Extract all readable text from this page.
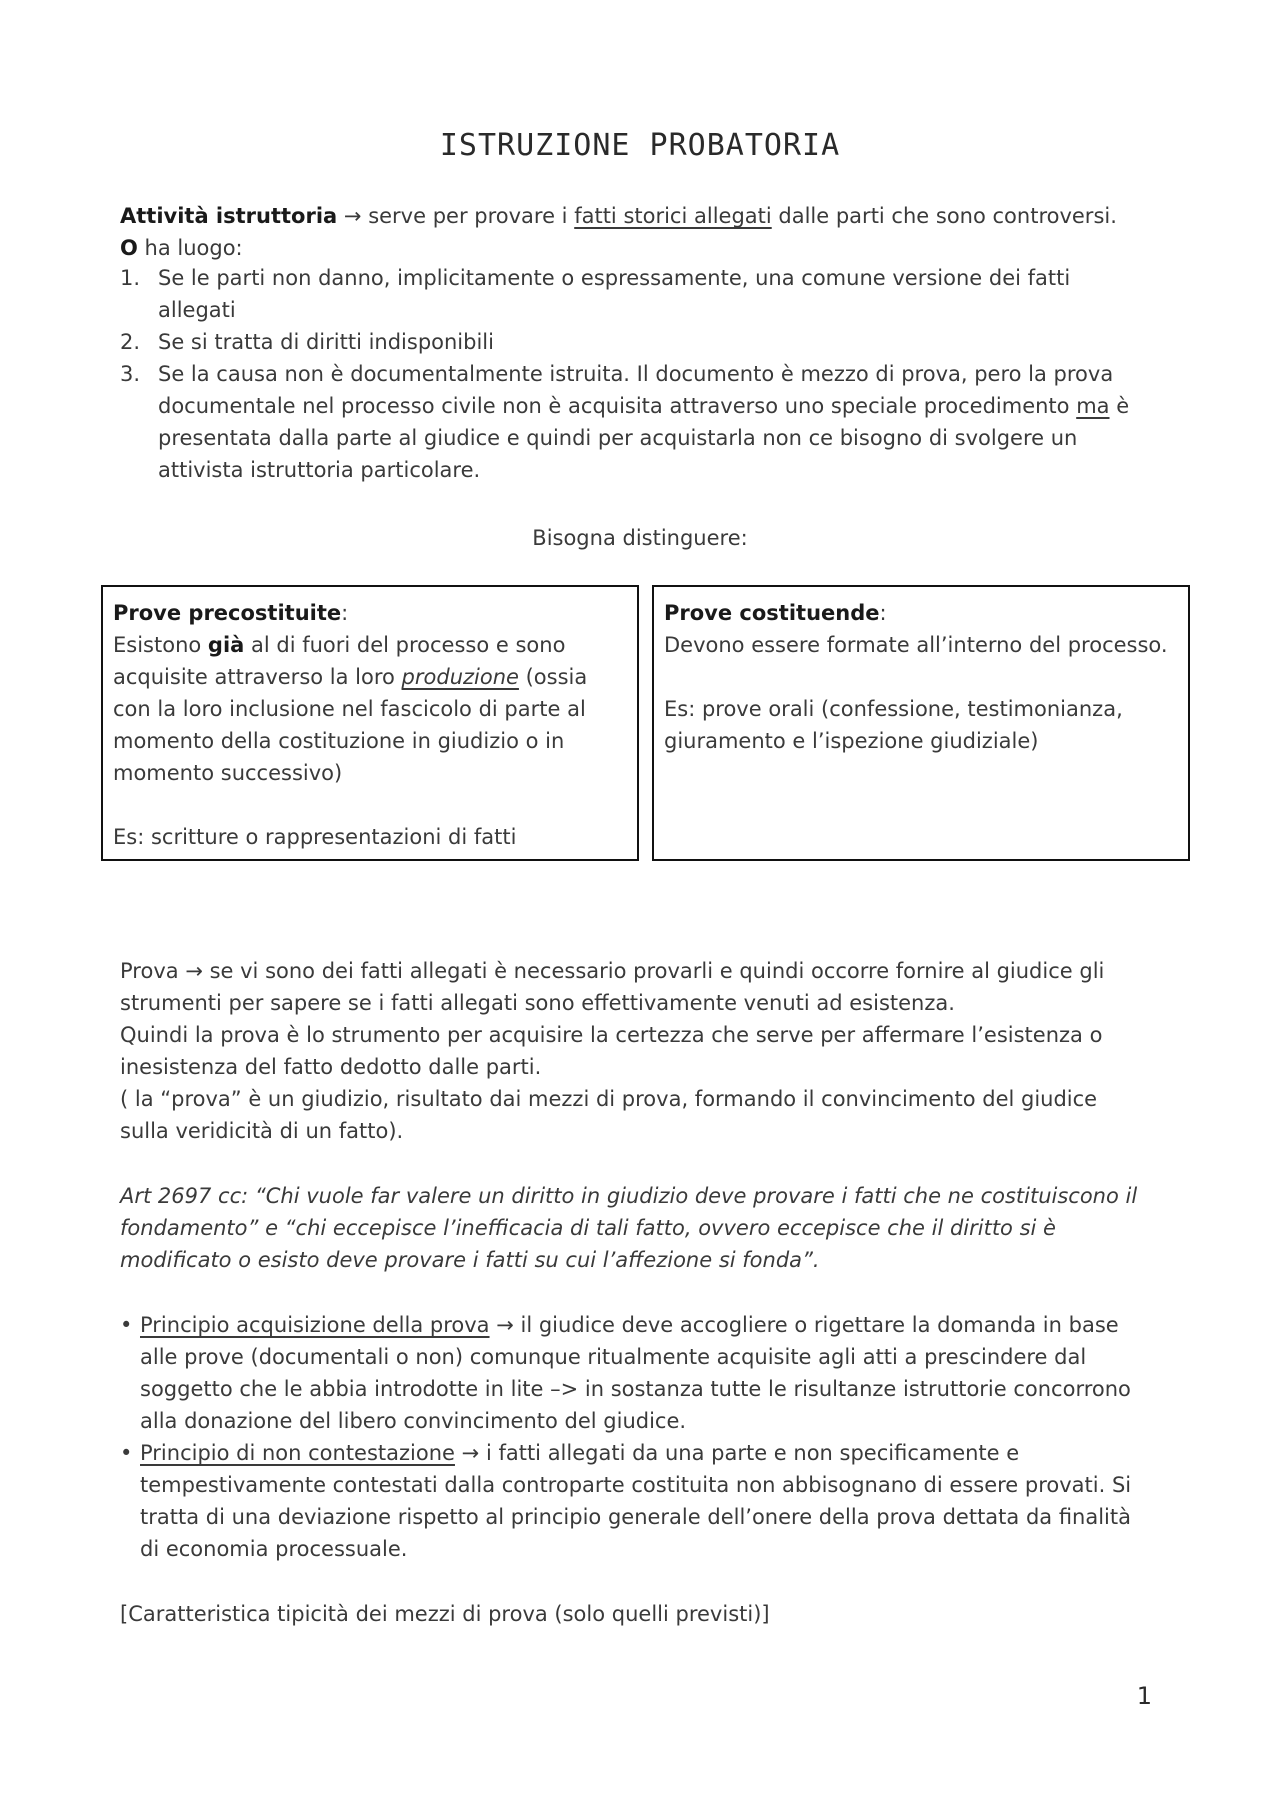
ISTRUZIONE PROBATORIA
Attività istruttoria → serve per provare i fatti storici allegati dalle parti che sono controversi.
O ha luogo:
1. Se le parti non danno, implicitamente o espressamente, una comune versione dei fatti
allegati
2. Se si tratta di diritti indisponibili
3. Se la causa non è documentalmente istruita. Il documento è mezzo di prova, pero la prova
documentale nel processo civile non è acquisita attraverso uno speciale procedimento ma è
presentata dalla parte al giudice e quindi per acquistarla non ce bisogno di svolgere un
attivista istruttoria particolare.
Bisogna distinguere:
Prove precostituite:
Esistono già al di fuori del processo e sono
acquisite attraverso la loro produzione (ossia
con la loro inclusione nel fascicolo di parte al
momento della costituzione in giudizio o in
momento successivo)
Es: scritture o rappresentazioni di fatti
Prove costituende:
Devono essere formate all’interno del processo.
Es: prove orali (confessione, testimonianza,
giuramento e l’ispezione giudiziale)
Prova → se vi sono dei fatti allegati è necessario provarli e quindi occorre fornire al giudice gli
strumenti per sapere se i fatti allegati sono effettivamente venuti ad esistenza.
Quindi la prova è lo strumento per acquisire la certezza che serve per affermare l’esistenza o
inesistenza del fatto dedotto dalle parti.
( la “prova” è un giudizio, risultato dai mezzi di prova, formando il convincimento del giudice
sulla veridicità di un fatto).
Art 2697 cc: “Chi vuole far valere un diritto in giudizio deve provare i fatti che ne costituiscono il
fondamento” e “chi eccepisce l’inefficacia di tali fatto, ovvero eccepisce che il diritto si è
modificato o esisto deve provare i fatti su cui l’affezione si fonda”.
• Principio acquisizione della prova → il giudice deve accogliere o rigettare la domanda in base
alle prove (documentali o non) comunque ritualmente acquisite agli atti a prescindere dal
soggetto che le abbia introdotte in lite –> in sostanza tutte le risultanze istruttorie concorrono
alla donazione del libero convincimento del giudice.
• Principio di non contestazione → i fatti allegati da una parte e non specificamente e
tempestivamente contestati dalla controparte costituita non abbisognano di essere provati. Si
tratta di una deviazione rispetto al principio generale dell’onere della prova dettata da finalità
di economia processuale.
[Caratteristica tipicità dei mezzi di prova (solo quelli previsti)]
1
